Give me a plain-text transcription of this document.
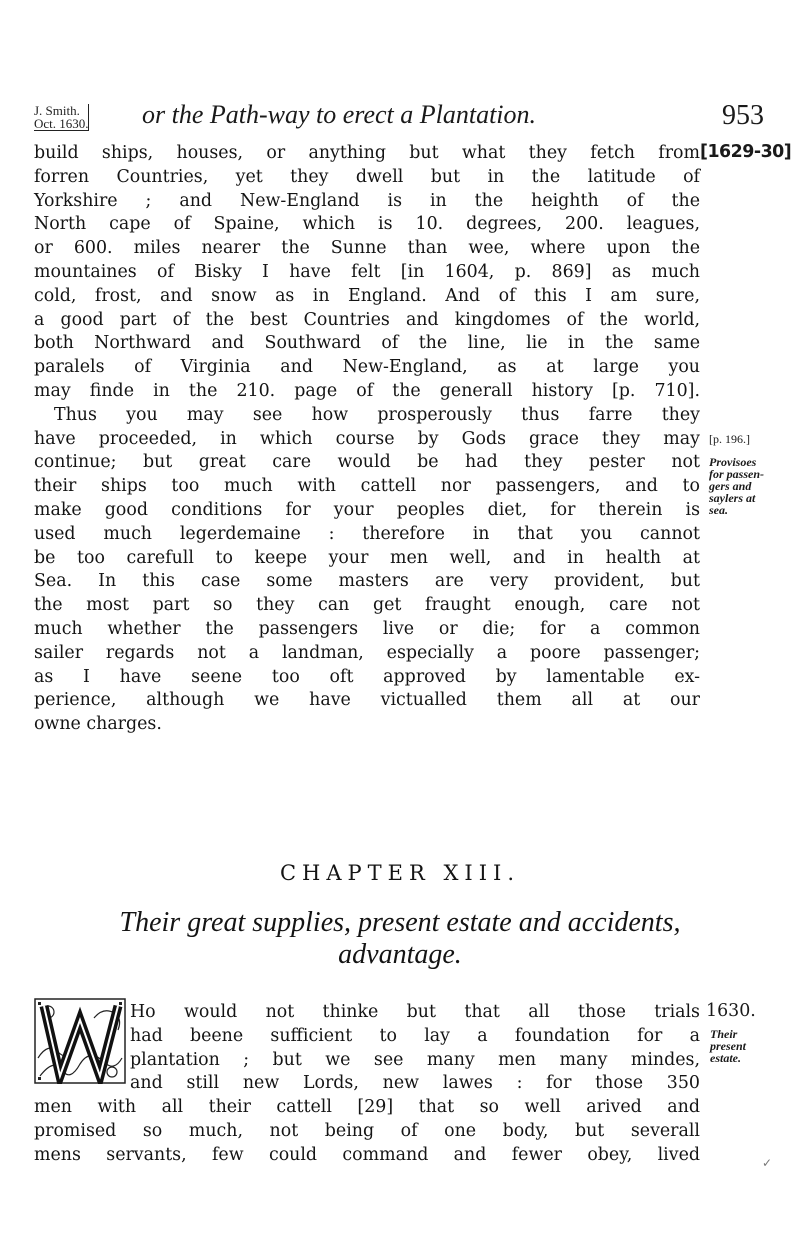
J. Smith.
Oct. 1630. or the Path-way to erect a Plantation.	953
build ships, houses, or anything but what they fetch from
forren Countries, yet they dwell but in the latitude of
Yorkshire ; and New-England is in the heighth of the
North cape of Spaine, which is 10. degrees, 200. leagues,
or 600. miles nearer the Sunne than wee, where upon the
mountaines of Bisky I have felt [in 1604, p. 869] as much
cold, frost, and snow as in England. And of this I am sure,
a good part of the best Countries and kingdomes of the world,
both Northward and Southward of the line, lie in the same
paralels of Virginia and New-England, as at large you
may finde in the 210. page of the generall history [p. 710].
Thus you may see how prosperously thus farre they
have proceeded, in which course by Gods grace they may
continue; but great care would be had they pester not
their ships too much with cattell nor passengers, and to
make good conditions for your peoples diet, for therein is
used much legerdemaine : therefore in that you cannot
be too carefull to keepe your men well, and in health at
Sea. In this case some masters are very provident, but
the most part so they can get fraught enough, care not
much whether the passengers live or die; for a common
sailer regards not a landman, especially a poore passenger;
as I have seene too oft approved by lamentable ex-
perience, although we have victualled them all at our
owne charges.
[1629-30]
[p. 196.]
Provisoes
for passen-
gers and
saylers at
sea.
CHAPTER XIII.
Their great supplies, present estate and accidents,
advantage.
Ho would not thinke but that all those trials
had beene sufficient to lay a foundation for a
plantation ; but we see many men many mindes,
and still new Lords, new lawes : for those 350
men with all their cattell [29] that so well arived and
promised so much, not being of one body, but severall
mens servants, few could command and fewer obey, lived
1630.
Their
present
estate.
✓
